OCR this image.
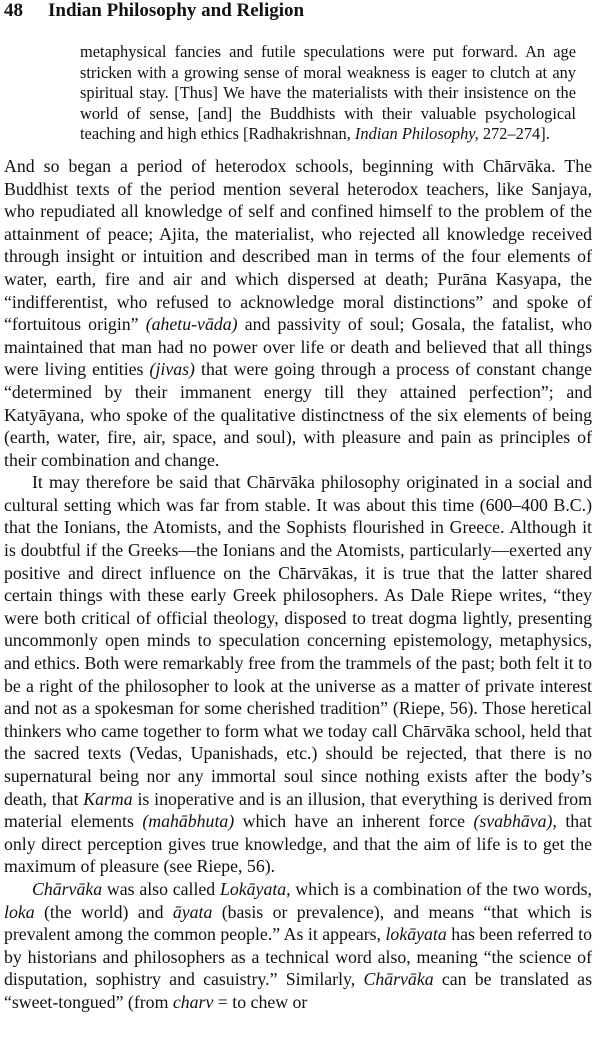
48	Indian Philosophy and Religion

metaphysical fancies and futile speculations were put forward. An age stricken with a growing sense of moral weakness is eager to clutch at any spiritual stay. [Thus] We have the materialists with their insistence on the world of sense, [and] the Buddhists with their valuable psychological teaching and high ethics [Radhakrishnan, Indian Philosophy, 272–274].

And so began a period of heterodox schools, beginning with Chārvāka. The Buddhist texts of the period mention several heterodox teachers, like Sanjaya, who repudiated all knowledge of self and confined himself to the problem of the attainment of peace; Ajita, the materialist, who rejected all knowledge received through insight or intuition and described man in terms of the four elements of water, earth, fire and air and which dispersed at death; Purāna Kasyapa, the “indifferentist, who refused to acknowledge moral distinctions” and spoke of “fortuitous origin” (ahetu-vāda) and passivity of soul; Gosala, the fatalist, who maintained that man had no power over life or death and believed that all things were living entities (jivas) that were going through a process of constant change “determined by their immanent energy till they attained perfection”; and Katyāyana, who spoke of the qualitative distinctness of the six elements of being (earth, water, fire, air, space, and soul), with pleasure and pain as principles of their combination and change.

It may therefore be said that Chārvāka philosophy originated in a social and cultural setting which was far from stable. It was about this time (600–400 B.C.) that the Ionians, the Atomists, and the Sophists flourished in Greece. Although it is doubtful if the Greeks—the Ionians and the Atomists, particularly—exerted any positive and direct influence on the Chārvākas, it is true that the latter shared certain things with these early Greek philosophers. As Dale Riepe writes, “they were both critical of official theology, disposed to treat dogma lightly, presenting uncommonly open minds to speculation concerning epistemology, metaphysics, and ethics. Both were remarkably free from the trammels of the past; both felt it to be a right of the philosopher to look at the universe as a matter of private interest and not as a spokesman for some cherished tradition” (Riepe, 56). Those heretical thinkers who came together to form what we today call Chārvāka school, held that the sacred texts (Vedas, Upanishads, etc.) should be rejected, that there is no supernatural being nor any immortal soul since nothing exists after the body’s death, that Karma is inoperative and is an illusion, that everything is derived from material elements (mahābhuta) which have an inherent force (svabhāva), that only direct perception gives true knowledge, and that the aim of life is to get the maximum of pleasure (see Riepe, 56).

Chārvāka was also called Lokāyata, which is a combination of the two words, loka (the world) and āyata (basis or prevalence), and means “that which is prevalent among the common people.” As it appears, lokāyata has been referred to by historians and philosophers as a technical word also, meaning “the science of disputation, sophistry and casuistry.” Similarly, Chārvāka can be translated as “sweet-tongued” (from charv = to chew or
